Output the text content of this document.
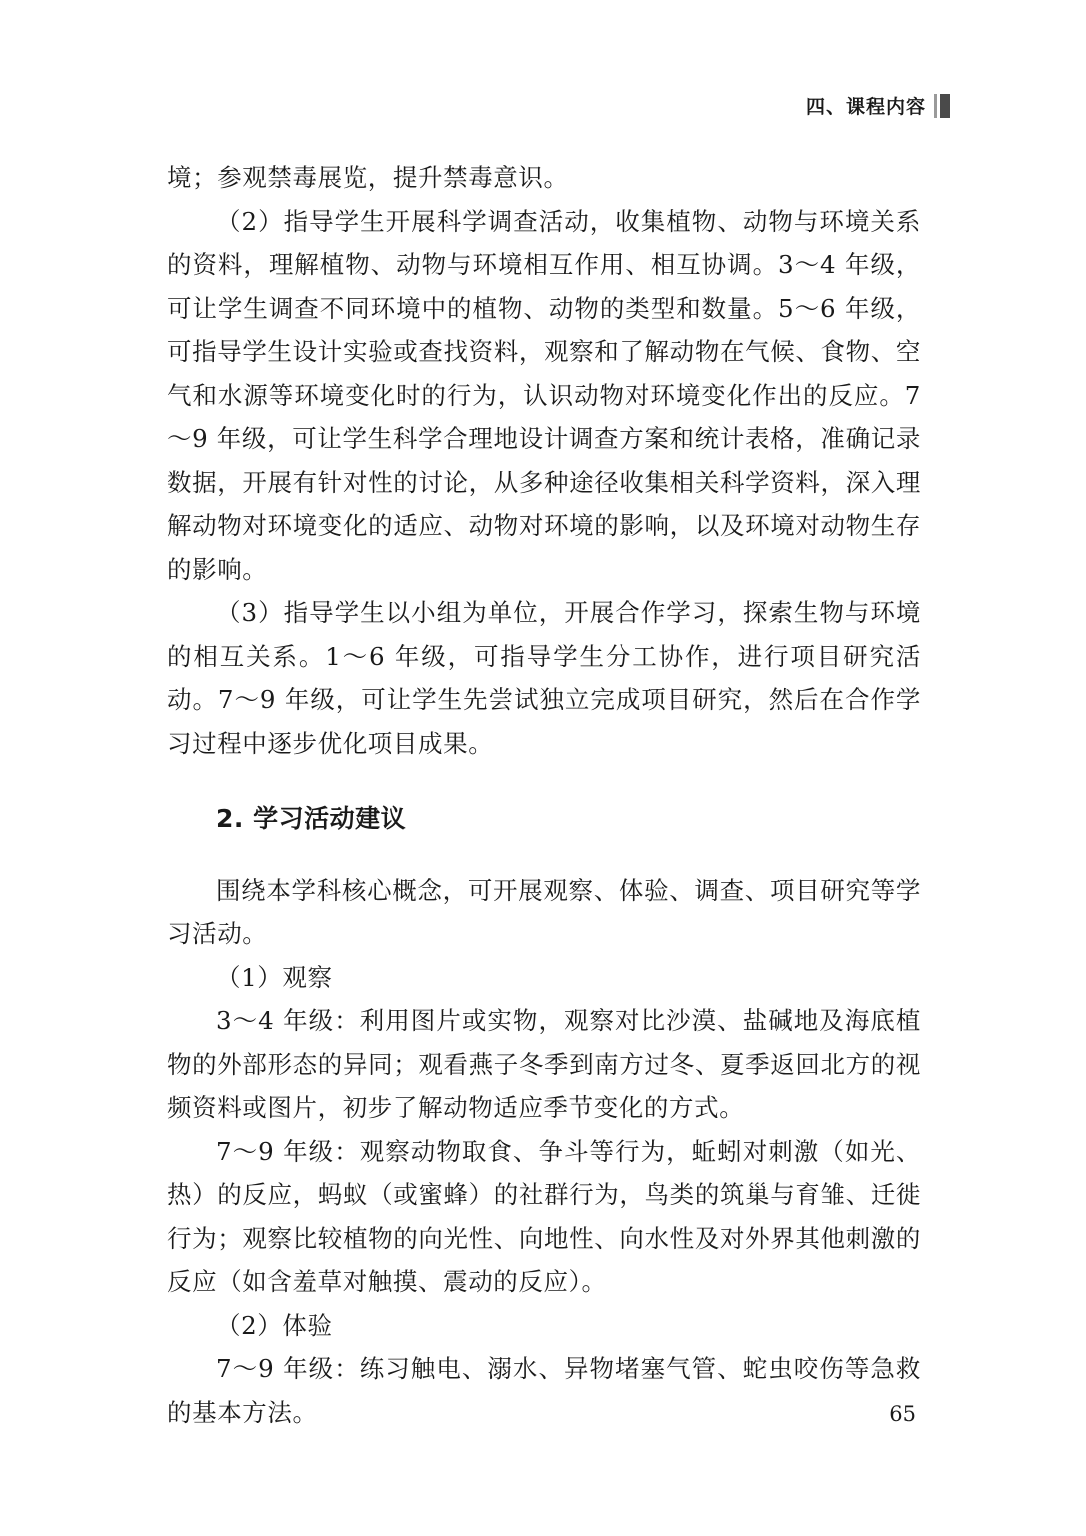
四、课程内容

境；参观禁毒展览，提升禁毒意识。

（2）指导学生开展科学调查活动，收集植物、动物与环境关系的资料，理解植物、动物与环境相互作用、相互协调。3～4 年级，可让学生调查不同环境中的植物、动物的类型和数量。5～6 年级，可指导学生设计实验或查找资料，观察和了解动物在气候、食物、空气和水源等环境变化时的行为，认识动物对环境变化作出的反应。7～9 年级，可让学生科学合理地设计调查方案和统计表格，准确记录数据，开展有针对性的讨论，从多种途径收集相关科学资料，深入理解动物对环境变化的适应、动物对环境的影响，以及环境对动物生存的影响。

（3）指导学生以小组为单位，开展合作学习，探索生物与环境的相互关系。1～6 年级，可指导学生分工协作，进行项目研究活动。7～9 年级，可让学生先尝试独立完成项目研究，然后在合作学习过程中逐步优化项目成果。

2. 学习活动建议

围绕本学科核心概念，可开展观察、体验、调查、项目研究等学习活动。

（1）观察

3～4 年级：利用图片或实物，观察对比沙漠、盐碱地及海底植物的外部形态的异同；观看燕子冬季到南方过冬、夏季返回北方的视频资料或图片，初步了解动物适应季节变化的方式。

7～9 年级：观察动物取食、争斗等行为，蚯蚓对刺激（如光、热）的反应，蚂蚁（或蜜蜂）的社群行为，鸟类的筑巢与育雏、迁徙行为；观察比较植物的向光性、向地性、向水性及对外界其他刺激的反应（如含羞草对触摸、震动的反应）。

（2）体验

7～9 年级：练习触电、溺水、异物堵塞气管、蛇虫咬伤等急救的基本方法。	65
